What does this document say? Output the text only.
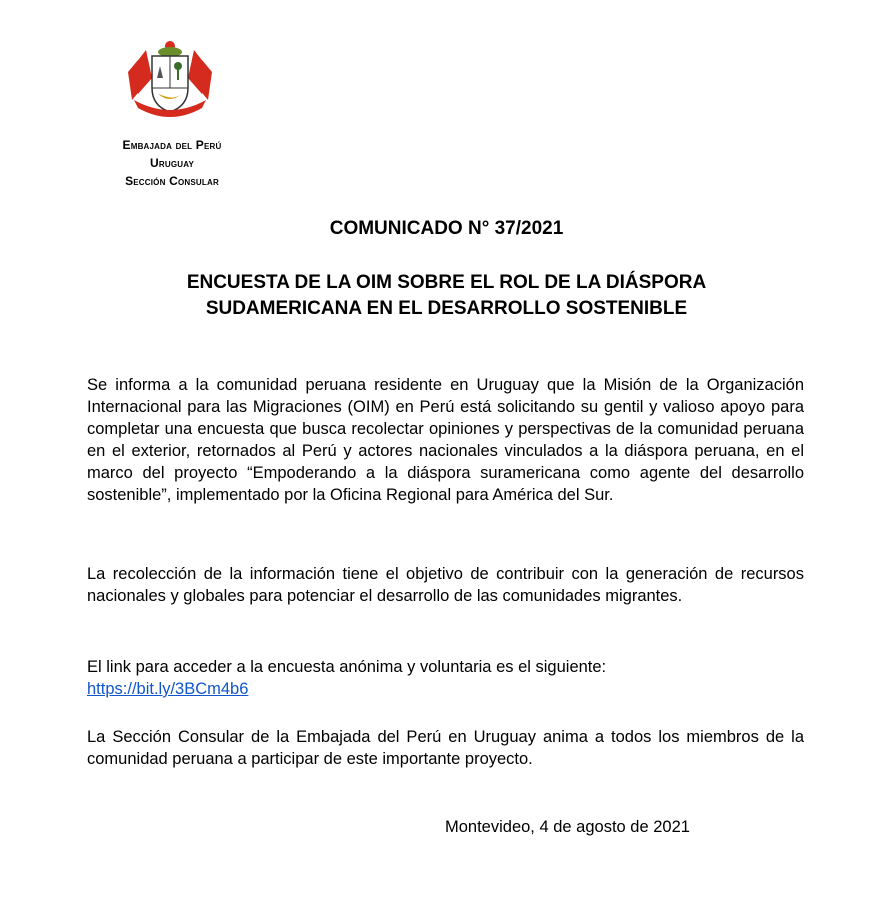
Embajada del Perú
Uruguay
Sección Consular
COMUNICADO N° 37/2021
ENCUESTA DE LA OIM SOBRE EL ROL DE LA DIÁSPORA
SUDAMERICANA EN EL DESARROLLO SOSTENIBLE

Se informa a la comunidad peruana residente en Uruguay que la Misión de la Organización Internacional para las Migraciones (OIM) en Perú está solicitando su gentil y valioso apoyo para completar una encuesta que busca recolectar opiniones y perspectivas de la comunidad peruana en el exterior, retornados al Perú y actores nacionales vinculados a la diáspora peruana, en el marco del proyecto “Empoderando a la diáspora suramericana como agente del desarrollo sostenible”, implementado por la Oficina Regional para América del Sur.

La recolección de la información tiene el objetivo de contribuir con la generación de recursos nacionales y globales para potenciar el desarrollo de las comunidades migrantes.

El link para acceder a la encuesta anónima y voluntaria es el siguiente:
https://bit.ly/3BCm4b6

La Sección Consular de la Embajada del Perú en Uruguay anima a todos los miembros de la comunidad peruana a participar de este importante proyecto.

Montevideo, 4 de agosto de 2021
